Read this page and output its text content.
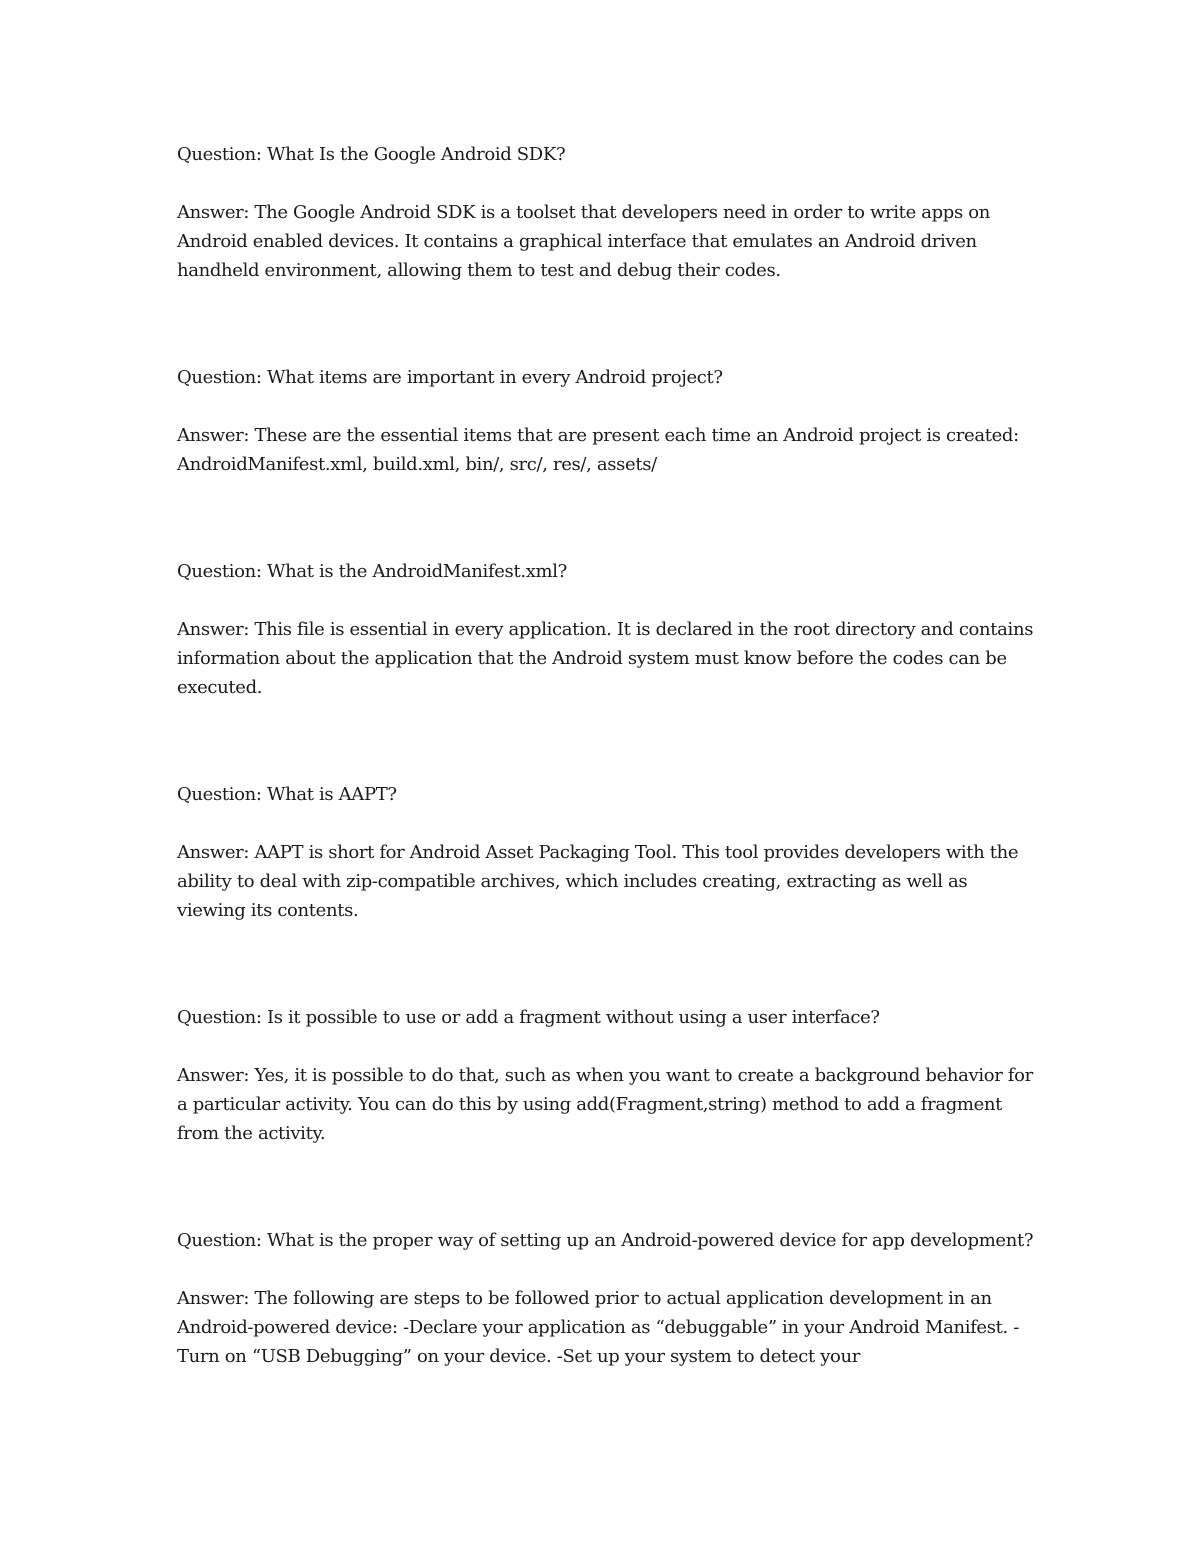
Question: What Is the Google Android SDK?

Answer: The Google Android SDK is a toolset that developers need in order to write apps on Android enabled devices. It contains a graphical interface that emulates an Android driven handheld environment, allowing them to test and debug their codes.

Question: What items are important in every Android project?

Answer: These are the essential items that are present each time an Android project is created: AndroidManifest.xml, build.xml, bin/, src/, res/, assets/

Question: What is the AndroidManifest.xml?

Answer: This file is essential in every application. It is declared in the root directory and contains information about the application that the Android system must know before the codes can be executed.

Question: What is AAPT?

Answer: AAPT is short for Android Asset Packaging Tool. This tool provides developers with the ability to deal with zip-compatible archives, which includes creating, extracting as well as viewing its contents.

Question: Is it possible to use or add a fragment without using a user interface?

Answer: Yes, it is possible to do that, such as when you want to create a background behavior for a particular activity. You can do this by using add(Fragment,string) method to add a fragment from the activity.

Question: What is the proper way of setting up an Android-powered device for app development?

Answer: The following are steps to be followed prior to actual application development in an Android-powered device: -Declare your application as “debuggable” in your Android Manifest. -Turn on “USB Debugging” on your device. -Set up your system to detect your
